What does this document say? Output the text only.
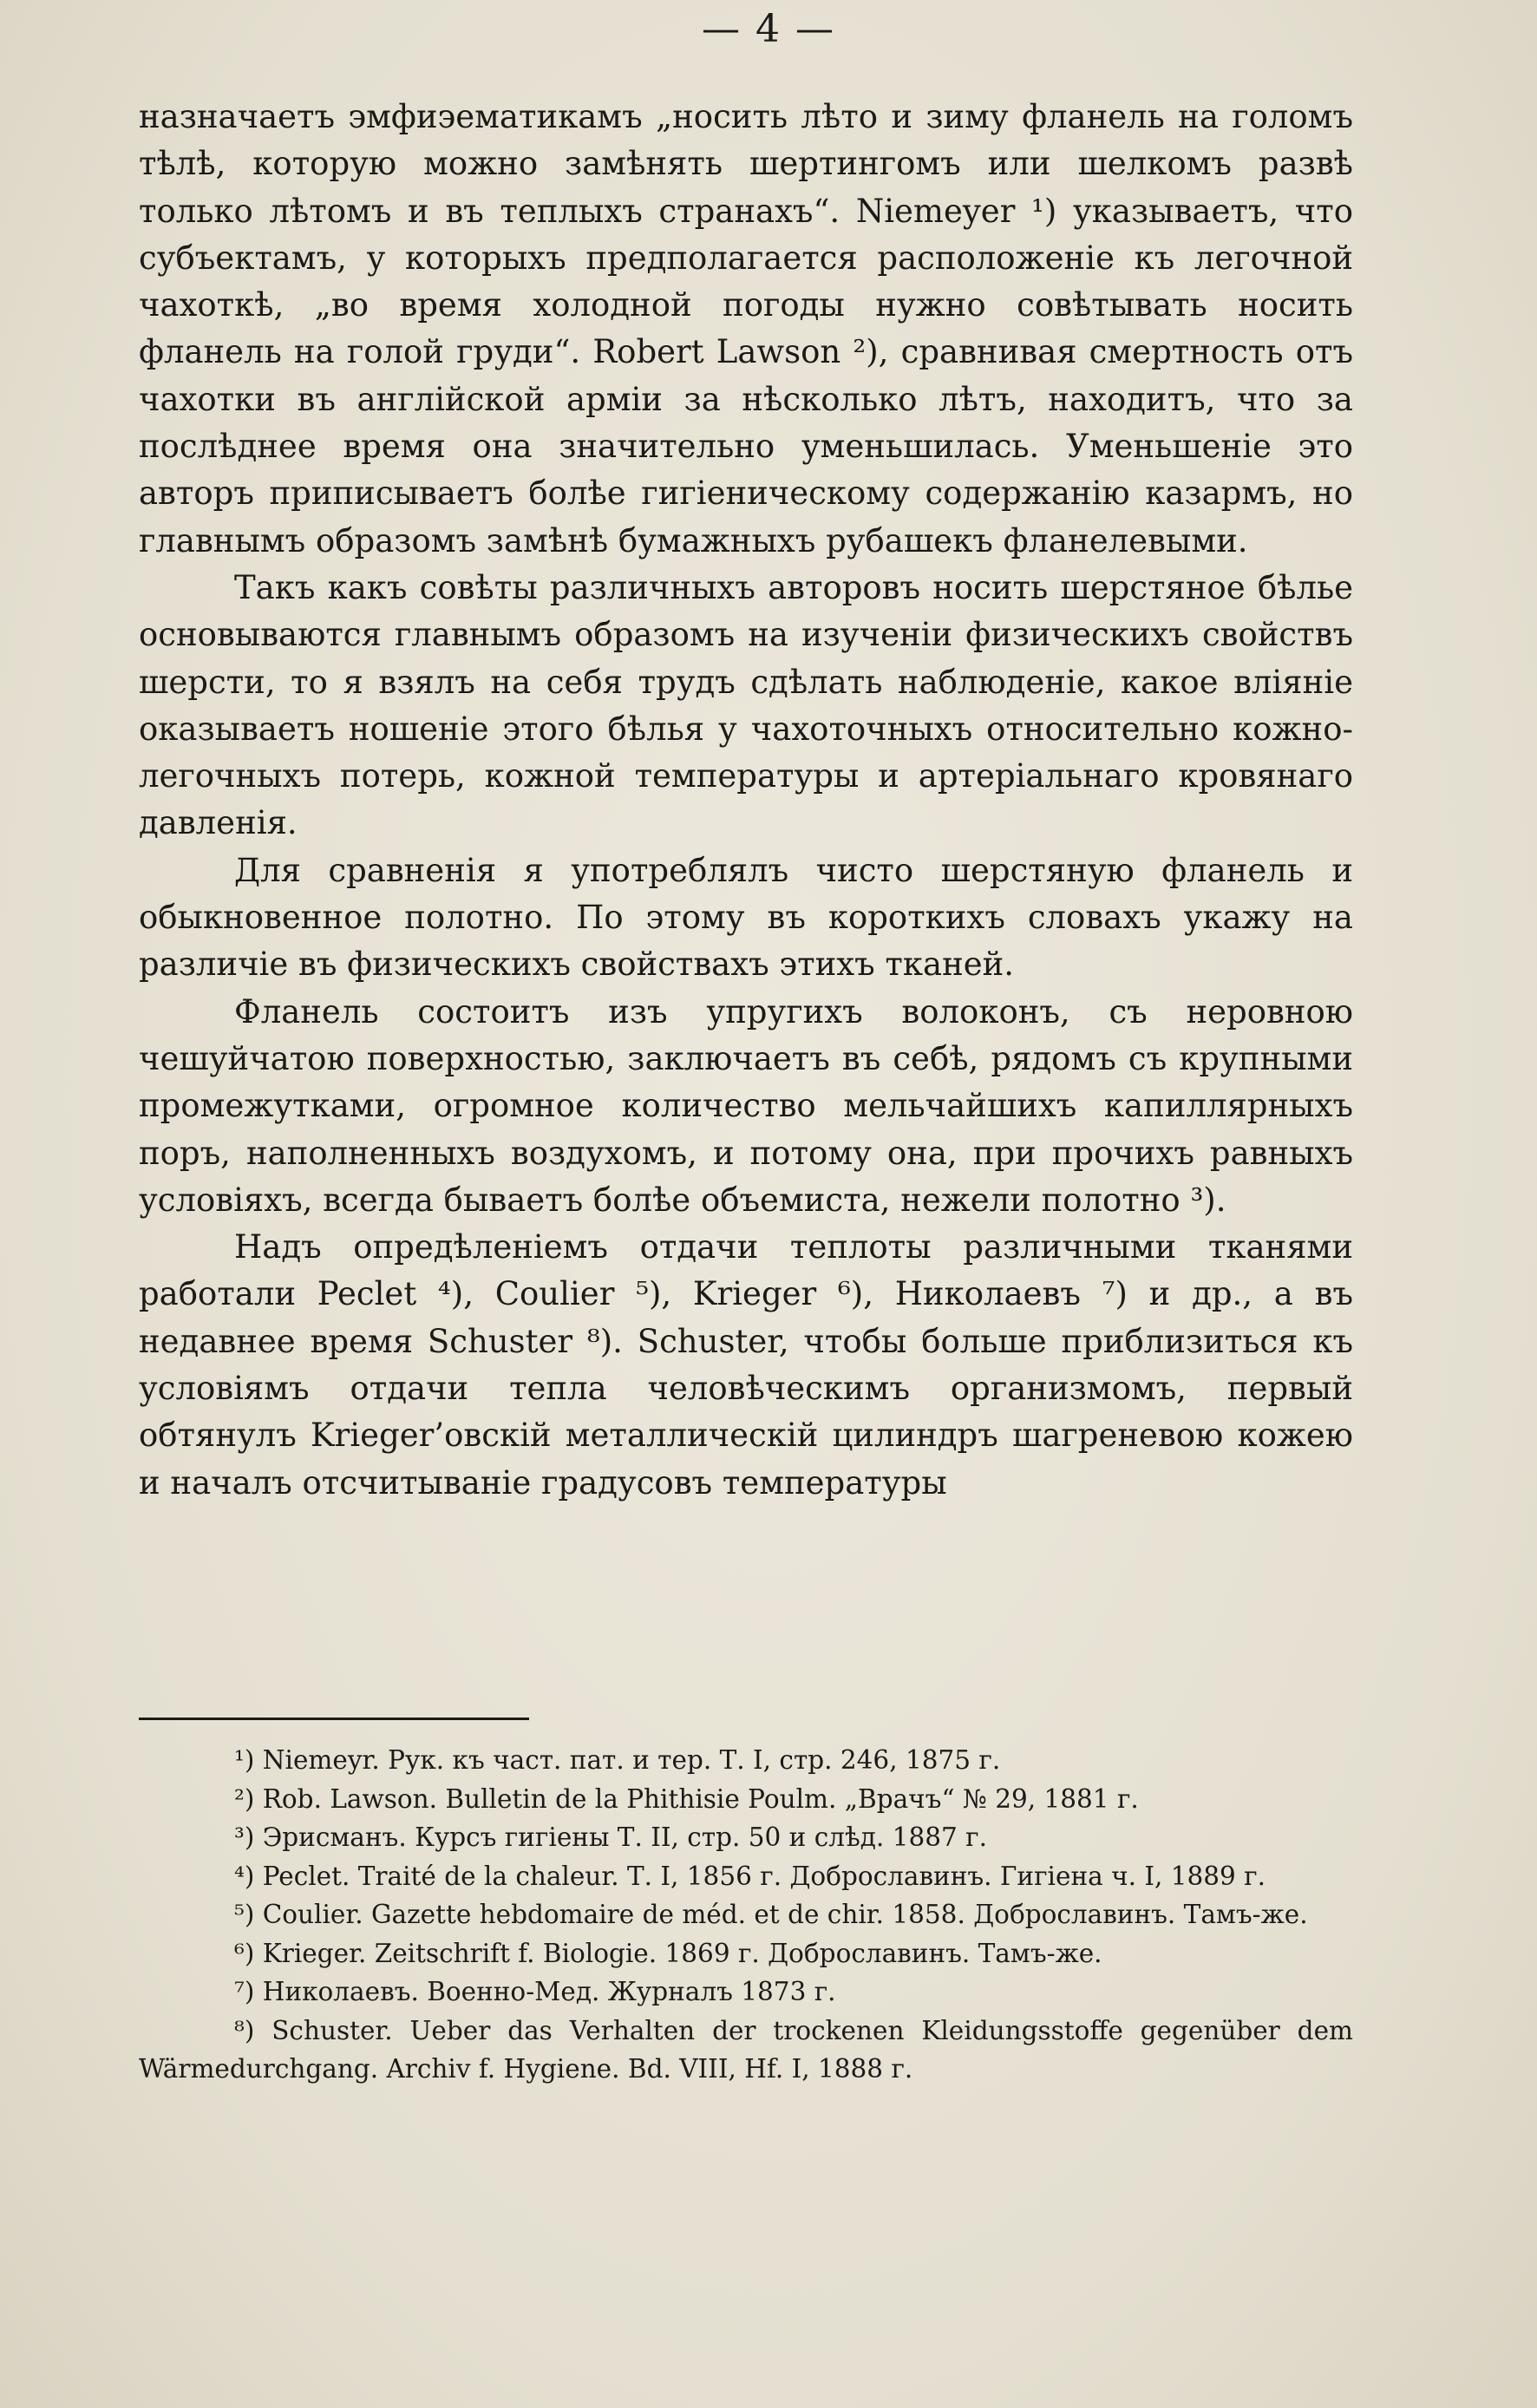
— 4 —

назначаетъ эмфиэематикамъ „носить лѣто и зиму фланель на голомъ тѣлѣ, которую можно замѣнять шертингомъ или шелкомъ развѣ только лѣтомъ и въ теплыхъ странахъ“. Niemeyer ¹) указываетъ, что субъектамъ, у которыхъ предполагается расположеніе къ легочной чахоткѣ, „во время холодной погоды нужно совѣтывать носить фланель на голой груди“. Robert Lawson ²), сравнивая смертность отъ чахотки въ англійской арміи за нѣсколько лѣтъ, находитъ, что за послѣднее время она значительно уменьшилась. Уменьшеніе это авторъ приписываетъ болѣе гигіеническому содержанію казармъ, но главнымъ образомъ замѣнѣ бумажныхъ рубашекъ фланелевыми.

Такъ какъ совѣты различныхъ авторовъ носить шерстяное бѣлье основываются главнымъ образомъ на изученіи физическихъ свойствъ шерсти, то я взялъ на себя трудъ сдѣлать наблюденіе, какое вліяніе оказываетъ ношеніе этого бѣлья у чахоточныхъ относительно кожно-легочныхъ потерь, кожной температуры и артеріальнаго кровянаго давленія.

Для сравненія я употреблялъ чисто шерстяную фланель и обыкновенное полотно. По этому въ короткихъ словахъ укажу на различіе въ физическихъ свойствахъ этихъ тканей.

Фланель состоитъ изъ упругихъ волоконъ, съ неровною чешуйчатою поверхностью, заключаетъ въ себѣ, рядомъ съ крупными промежутками, огромное количество мельчайшихъ капиллярныхъ поръ, наполненныхъ воздухомъ, и потому она, при прочихъ равныхъ условіяхъ, всегда бываетъ болѣе объемиста, нежели полотно ³).

Надъ опредѣленіемъ отдачи теплоты различными тканями работали Peclet ⁴), Coulier ⁵), Krieger ⁶), Николаевъ ⁷) и др., а въ недавнее время Schuster ⁸). Schuster, чтобы больше приблизиться къ условіямъ отдачи тепла человѣческимъ организмомъ, первый обтянулъ Krieger’овскій металлическій цилиндръ шагреневою кожею и началъ отсчитываніе градусовъ температуры

¹) Niemeyr. Рук. къ част. пат. и тер. Т. I, стр. 246, 1875 г.

²) Rob. Lawson. Bulletin de la Phithisie Poulm. „Врачъ“ № 29, 1881 г.

³) Эрисманъ. Курсъ гигіены Т. II, стр. 50 и слѣд. 1887 г.

⁴) Peclet. Traité de la chaleur. Т. I, 1856 г. Доброславинъ. Гигіена ч. I, 1889 г.

⁵) Coulier. Gazette hebdomaire de méd. et de chir. 1858. Доброславинъ. Тамъ-же.

⁶) Krieger. Zeitschrift f. Biologie. 1869 г. Доброславинъ. Тамъ-же.

⁷) Николаевъ. Военно-Мед. Журналъ 1873 г.

⁸) Schuster. Ueber das Verhalten der trockenen Kleidungsstoffe gegenüber dem Wärmedurchgang. Archiv f. Hygiene. Bd. VIII, Hf. I, 1888 г.
